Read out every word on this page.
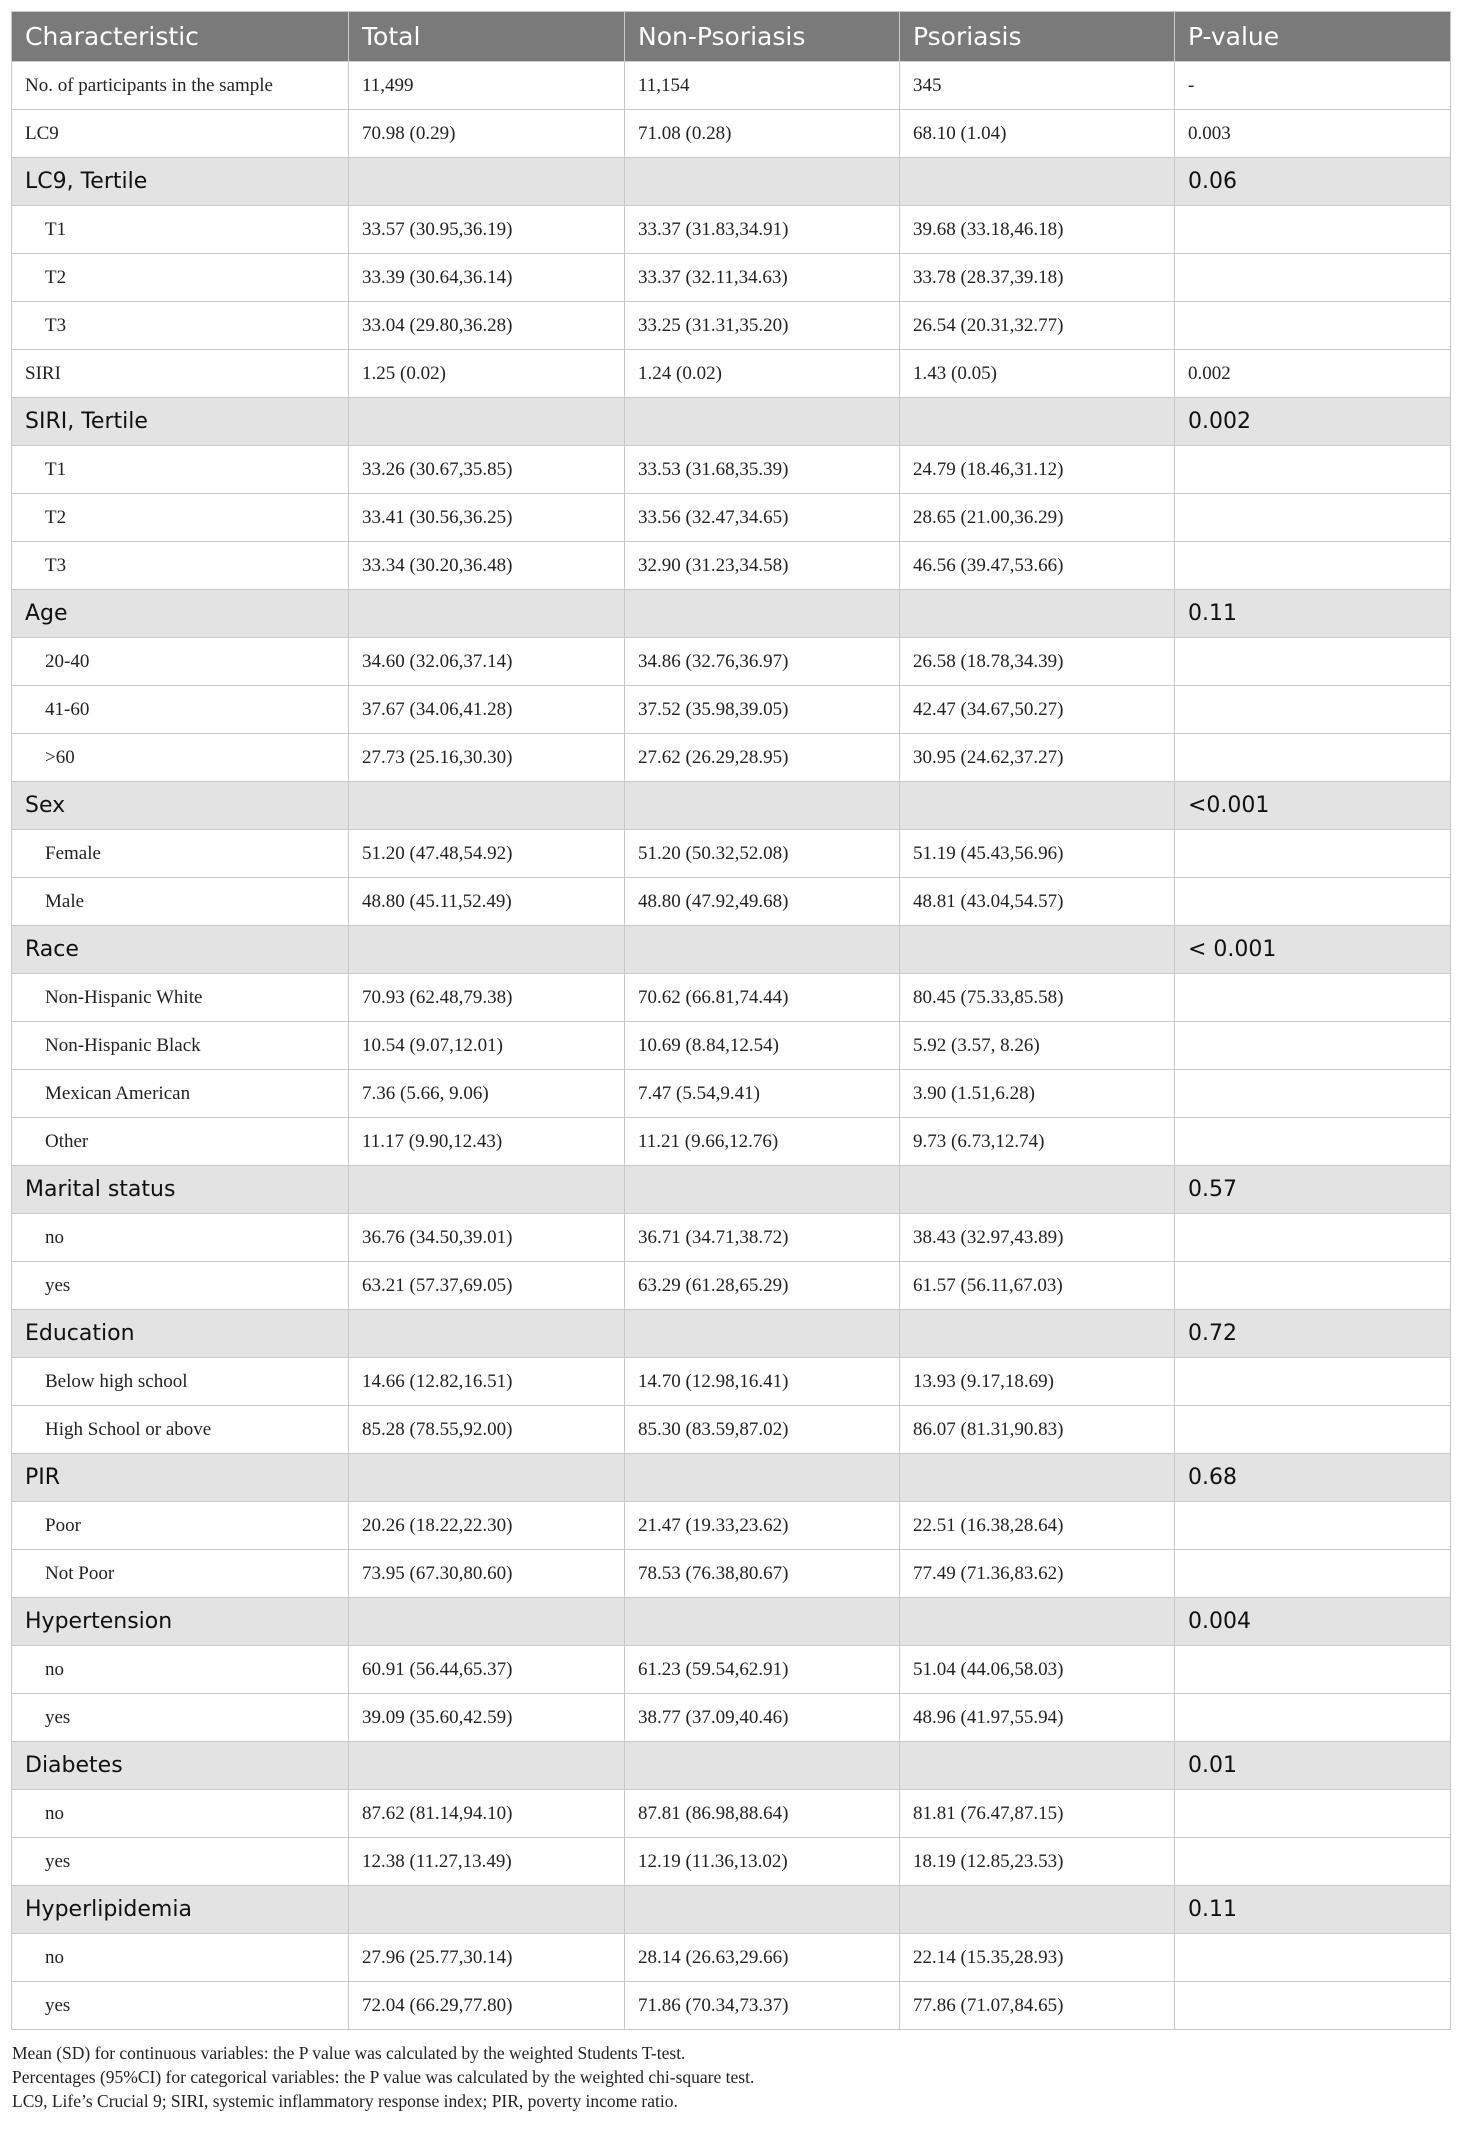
Characteristic	Total	Non-Psoriasis	Psoriasis	P-value
No. of participants in the sample	11,499	11,154	345	-
LC9	70.98 (0.29)	71.08 (0.28)	68.10 (1.04)	0.003
LC9, Tertile				0.06
T1	33.57 (30.95,36.19)	33.37 (31.83,34.91)	39.68 (33.18,46.18)	
T2	33.39 (30.64,36.14)	33.37 (32.11,34.63)	33.78 (28.37,39.18)	
T3	33.04 (29.80,36.28)	33.25 (31.31,35.20)	26.54 (20.31,32.77)	
SIRI	1.25 (0.02)	1.24 (0.02)	1.43 (0.05)	0.002
SIRI, Tertile				0.002
T1	33.26 (30.67,35.85)	33.53 (31.68,35.39)	24.79 (18.46,31.12)	
T2	33.41 (30.56,36.25)	33.56 (32.47,34.65)	28.65 (21.00,36.29)	
T3	33.34 (30.20,36.48)	32.90 (31.23,34.58)	46.56 (39.47,53.66)	
Age				0.11
20-40	34.60 (32.06,37.14)	34.86 (32.76,36.97)	26.58 (18.78,34.39)	
41-60	37.67 (34.06,41.28)	37.52 (35.98,39.05)	42.47 (34.67,50.27)	
>60	27.73 (25.16,30.30)	27.62 (26.29,28.95)	30.95 (24.62,37.27)	
Sex				<0.001
Female	51.20 (47.48,54.92)	51.20 (50.32,52.08)	51.19 (45.43,56.96)	
Male	48.80 (45.11,52.49)	48.80 (47.92,49.68)	48.81 (43.04,54.57)	
Race				< 0.001
Non-Hispanic White	70.93 (62.48,79.38)	70.62 (66.81,74.44)	80.45 (75.33,85.58)	
Non-Hispanic Black	10.54 (9.07,12.01)	10.69 (8.84,12.54)	5.92 (3.57, 8.26)	
Mexican American	7.36 (5.66, 9.06)	7.47 (5.54,9.41)	3.90 (1.51,6.28)	
Other	11.17 (9.90,12.43)	11.21 (9.66,12.76)	9.73 (6.73,12.74)	
Marital status				0.57
no	36.76 (34.50,39.01)	36.71 (34.71,38.72)	38.43 (32.97,43.89)	
yes	63.21 (57.37,69.05)	63.29 (61.28,65.29)	61.57 (56.11,67.03)	
Education				0.72
Below high school	14.66 (12.82,16.51)	14.70 (12.98,16.41)	13.93 (9.17,18.69)	
High School or above	85.28 (78.55,92.00)	85.30 (83.59,87.02)	86.07 (81.31,90.83)	
PIR				0.68
Poor	20.26 (18.22,22.30)	21.47 (19.33,23.62)	22.51 (16.38,28.64)	
Not Poor	73.95 (67.30,80.60)	78.53 (76.38,80.67)	77.49 (71.36,83.62)	
Hypertension				0.004
no	60.91 (56.44,65.37)	61.23 (59.54,62.91)	51.04 (44.06,58.03)	
yes	39.09 (35.60,42.59)	38.77 (37.09,40.46)	48.96 (41.97,55.94)	
Diabetes				0.01
no	87.62 (81.14,94.10)	87.81 (86.98,88.64)	81.81 (76.47,87.15)	
yes	12.38 (11.27,13.49)	12.19 (11.36,13.02)	18.19 (12.85,23.53)	
Hyperlipidemia				0.11
no	27.96 (25.77,30.14)	28.14 (26.63,29.66)	22.14 (15.35,28.93)	
yes	72.04 (66.29,77.80)	71.86 (70.34,73.37)	77.86 (71.07,84.65)	

Mean (SD) for continuous variables: the P value was calculated by the weighted Students T-test.

Percentages (95%CI) for categorical variables: the P value was calculated by the weighted chi-square test.

LC9, Life’s Crucial 9; SIRI, systemic inflammatory response index; PIR, poverty income ratio.
